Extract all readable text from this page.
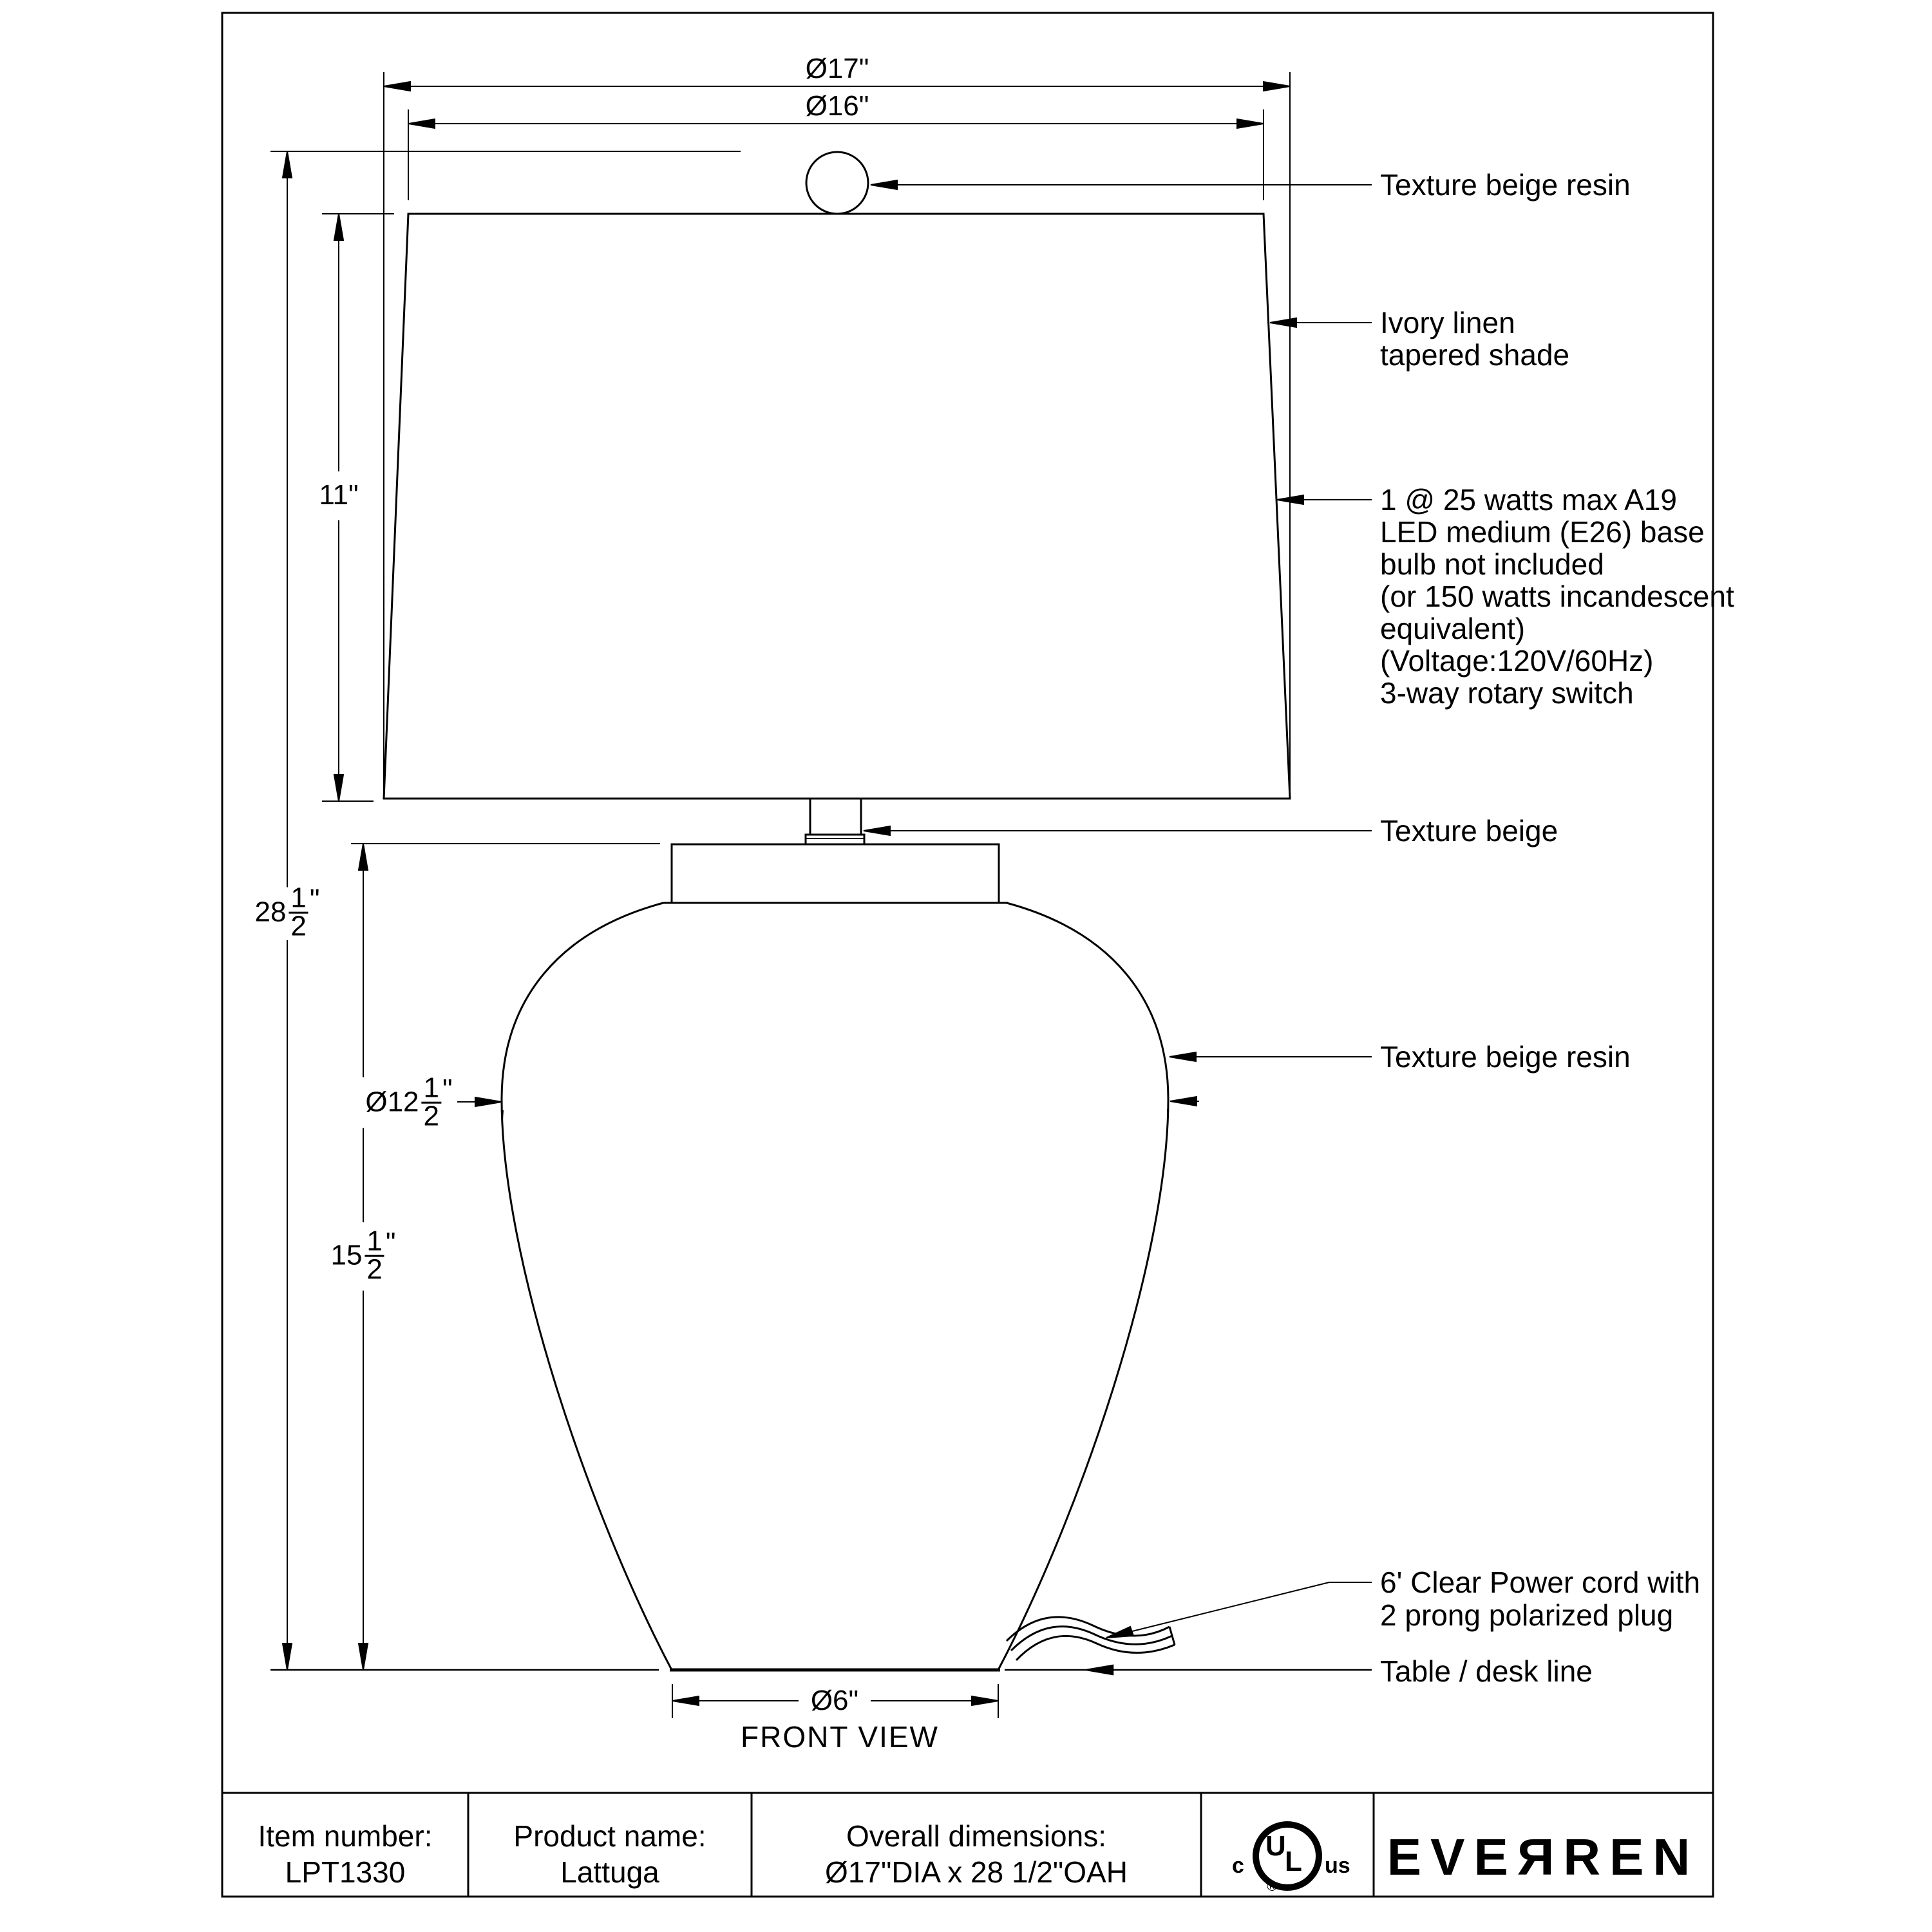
Ø17"
Ø16"
11"
$28 \frac{1}{2}$ "
Ø12 $\frac{1}{2}$ "
$15 \frac{1}{2}$ "
Ø6"
FRONT VIEW
Texture beige resin
Ivory linen
tapered shade
1 @ 25 watts max A19
LED medium (E26) base
bulb not included
(or 150 watts incandescent
equivalent)
(Voltage:120V/60Hz)
3-way rotary switch
Texture beige
Texture beige resin
6' Clear Power cord with
2 prong polarized plug
Table / desk line
Item number:
LPT1330
Product name:
Lattuga
Overall dimensions:
Ø17"DIA x 28 1/2"OAH
U
L
c	us
®
EVEЯREN
